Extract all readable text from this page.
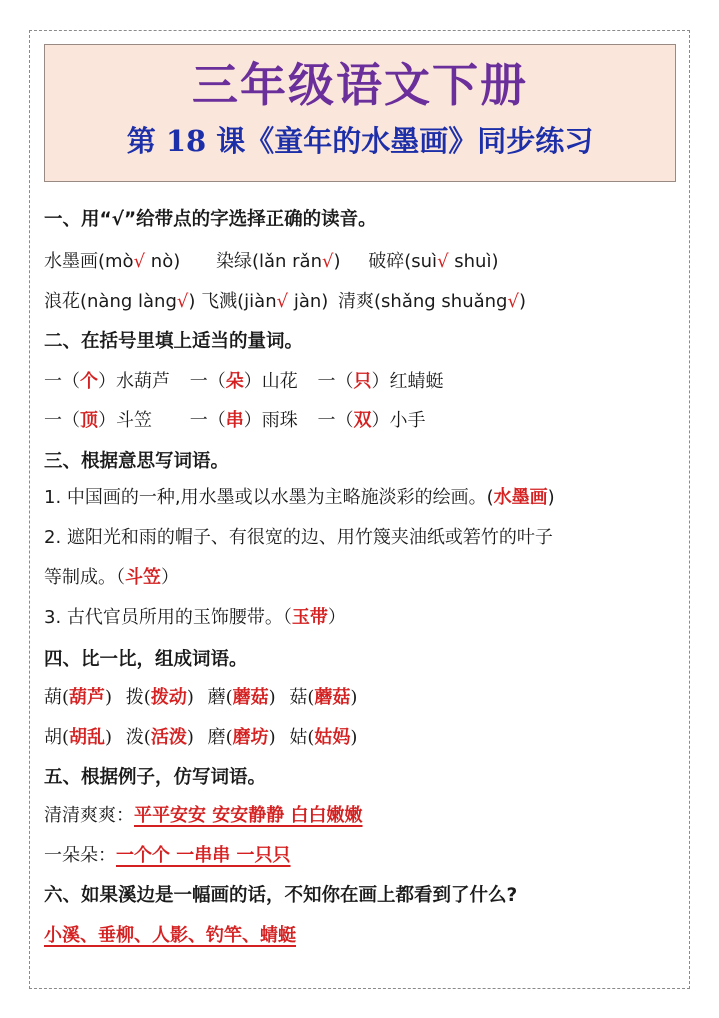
三年级语文下册
第 18 课《童年的水墨画》同步练习
一、用“√”给带点的字选择正确的读音。
水墨画(mò√ nò) 染绿(lǎn rǎn√) 破碎(suì√ shuì)
浪花(nàng làng√) 飞溅(jiàn√ jàn) 清爽(shǎng shuǎng√)
二、在括号里填上适当的量词。
一（个）水葫芦 一（朵）山花 一（只）红蜻蜓
一（顶）斗笠 一（串）雨珠 一（双）小手
三、根据意思写词语。
1. 中国画的一种,用水墨或以水墨为主略施淡彩的绘画。(水墨画)
2. 遮阳光和雨的帽子、有很宽的边、用竹篾夹油纸或箬竹的叶子
等制成。（斗笠）
3. 古代官员所用的玉饰腰带。（玉带）
四、比一比，组成词语。
葫(葫芦) 拨(拨动) 蘑(蘑菇) 菇(蘑菇)
胡(胡乱) 泼(活泼) 磨(磨坊) 姑(姑妈)
五、根据例子，仿写词语。
清清爽爽：平平安安 安安静静 白白嫩嫩
一朵朵：一个个 一串串 一只只
六、如果溪边是一幅画的话，不知你在画上都看到了什么?
小溪、垂柳、人影、钓竿、蜻蜓
